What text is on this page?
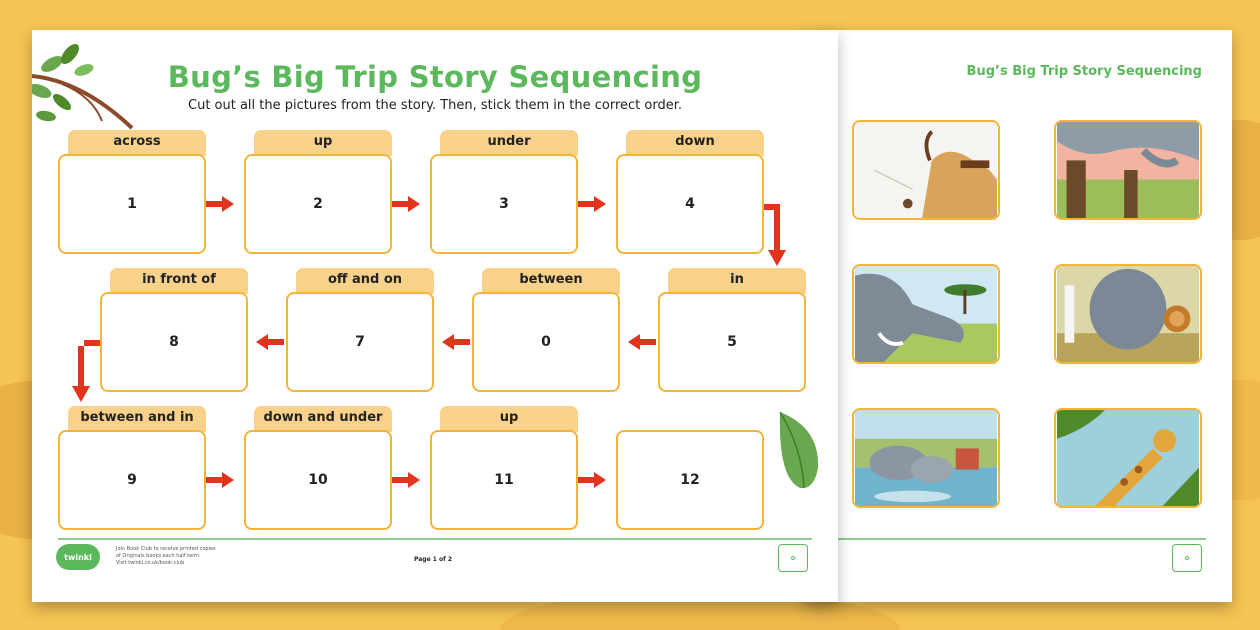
Bug’s Big Trip Story Sequencing
✿
Bug’s Big Trip Story Sequencing
Cut out all the pictures from the story. Then, stick them in the correct order.
across
1
up
2
under
3
down
4
in front of
8
off and on
7
between
0
in
5
between and in
9
down and under
10
up
11	12
twinkl
Join Book Club to receive printed copies
of Originals books each half term.
Visit twinkl.co.uk/book-club	Page 1 of 2	✿
